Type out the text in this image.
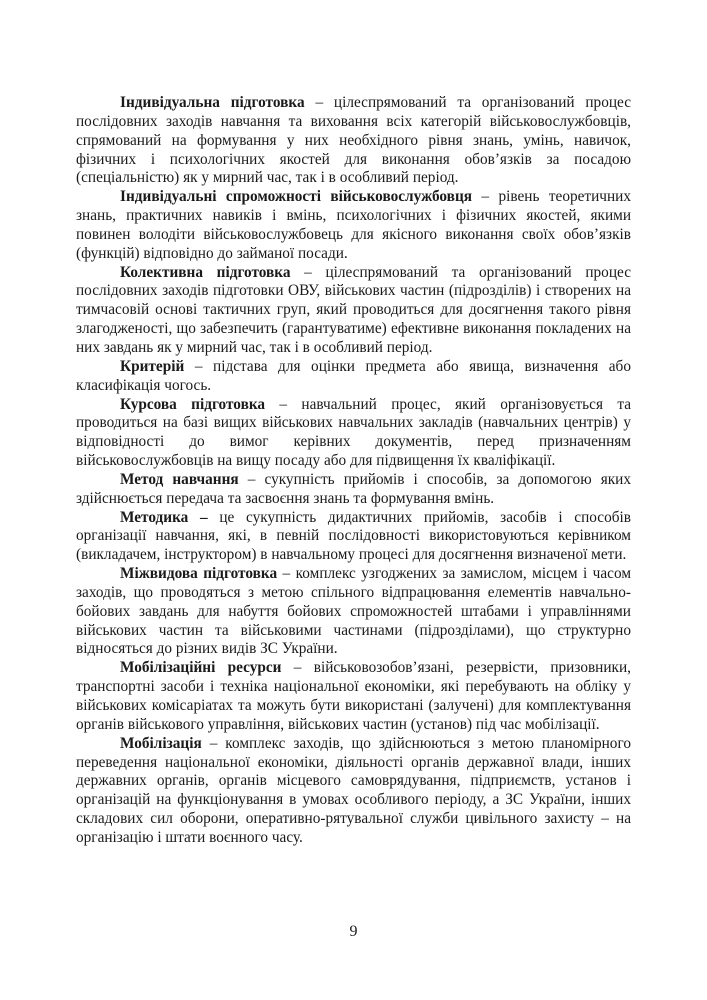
Індивідуальна підготовка – цілеспрямований та організований процес послідовних заходів навчання та виховання всіх категорій військовослужбовців, спрямований на формування у них необхідного рівня знань, умінь, навичок, фізичних і психологічних якостей для виконання обов’язків за посадою (спеціальністю) як у мирний час, так і в особливий період.

Індивідуальні спроможності військовослужбовця – рівень теоретичних знань, практичних навиків і вмінь, психологічних і фізичних якостей, якими повинен володіти військовослужбовець для якісного виконання своїх обов’язків (функцій) відповідно до займаної посади.

Колективна підготовка – цілеспрямований та організований процес послідовних заходів підготовки ОВУ, військових частин (підрозділів) і створених на тимчасовій основі тактичних груп, який проводиться для досягнення такого рівня злагодженості, що забезпечить (гарантуватиме) ефективне виконання покладених на них завдань як у мирний час, так і в особливий період.

Критерій – підстава для оцінки предмета або явища, визначення або класифікація чогось.

Курсова підготовка – навчальний процес, який організовується та проводиться на базі вищих військових навчальних закладів (навчальних центрів) у відповідності до вимог керівних документів, перед призначенням військовослужбовців на вищу посаду або для підвищення їх кваліфікації.

Метод навчання – сукупність прийомів і способів, за допомогою яких здійснюється передача та засвоєння знань та формування вмінь.

Методика – це сукупність дидактичних прийомів, засобів і способів організації навчання, які, в певній послідовності використовуються керівником (викладачем, інструктором) в навчальному процесі для досягнення визначеної мети.

Міжвидова підготовка – комплекс узгоджених за замислом, місцем і часом заходів, що проводяться з метою спільного відпрацювання елементів навчально-бойових завдань для набуття бойових спроможностей штабами і управліннями військових частин та військовими частинами (підрозділами), що структурно відносяться до різних видів ЗС України.

Мобілізаційні ресурси – військовозобов’язані, резервісти, призовники, транспортні засоби і техніка національної економіки, які перебувають на обліку у військових комісаріатах та можуть бути використані (залучені) для комплектування органів військового управління, військових частин (установ) під час мобілізації.

Мобілізація – комплекс заходів, що здійснюються з метою планомірного переведення національної економіки, діяльності органів державної влади, інших державних органів, органів місцевого самоврядування, підприємств, установ і організацій на функціонування в умовах особливого періоду, а ЗС України, інших складових сил оборони, оперативно-рятувальної служби цивільного захисту – на організацію і штати воєнного часу.

9
